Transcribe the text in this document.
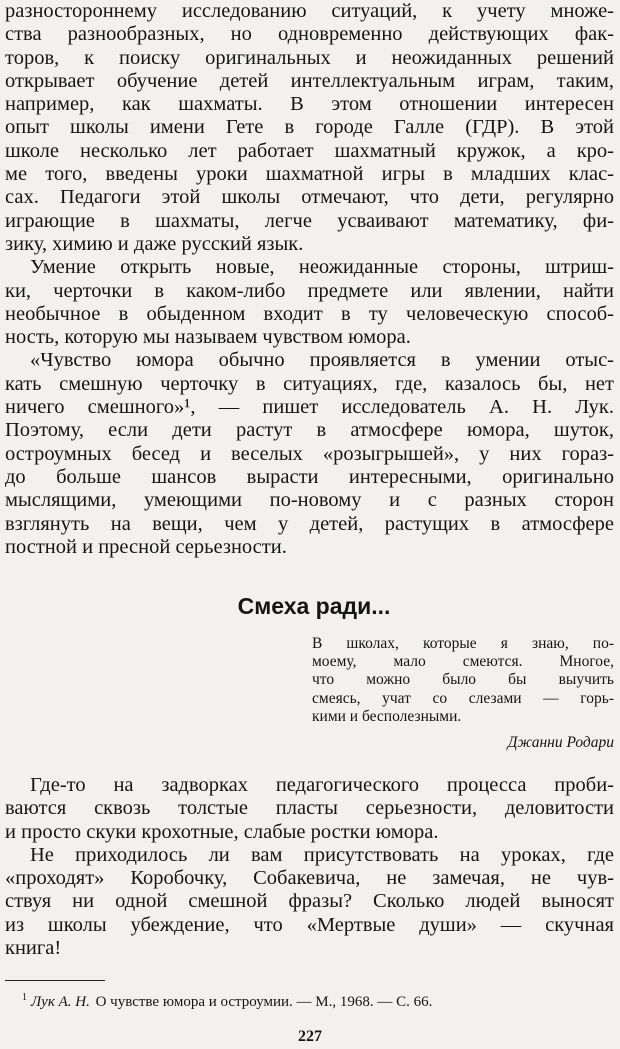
разностороннему исследованию ситуаций, к учету множе-
ства разнообразных, но одновременно действующих фак-
торов, к поиску оригинальных и неожиданных решений
открывает обучение детей интеллектуальным играм, таким,
например, как шахматы. В этом отношении интересен
опыт школы имени Гете в городе Галле (ГДР). В этой
школе несколько лет работает шахматный кружок, а кро-
ме того, введены уроки шахматной игры в младших клас-
сах. Педагоги этой школы отмечают, что дети, регулярно
играющие в шахматы, легче усваивают математику, фи-
зику, химию и даже русский язык.
Умение открыть новые, неожиданные стороны, штриш-
ки, черточки в каком-либо предмете или явлении, найти
необычное в обыденном входит в ту человеческую способ-
ность, которую мы называем чувством юмора.
«Чувство юмора обычно проявляется в умении отыс-
кать смешную черточку в ситуациях, где, казалось бы, нет
ничего смешного»¹, — пишет исследователь А. Н. Лук.
Поэтому, если дети растут в атмосфере юмора, шуток,
остроумных бесед и веселых «розыгрышей», у них гораз-
до больше шансов вырасти интересными, оригинально
мыслящими, умеющими по-новому и с разных сторон
взглянуть на вещи, чем у детей, растущих в атмосфере
постной и пресной серьезности.
Смеха ради...
В школах, которые я знаю, по-
моему, мало смеются. Многое,
что можно было бы выучить
смеясь, учат со слезами — горь-
кими и бесполезными.
Джанни Родари
Где-то на задворках педагогического процесса проби-
ваются сквозь толстые пласты серьезности, деловитости
и просто скуки крохотные, слабые ростки юмора.
Не приходилось ли вам присутствовать на уроках, где
«проходят» Коробочку, Собакевича, не замечая, не чув-
ствуя ни одной смешной фразы? Сколько людей выносят
из школы убеждение, что «Мертвые души» — скучная
книга!
$^1$ Лук А. Н. О чувстве юмора и остроумии. — М., 1968. — С. 66.
227
